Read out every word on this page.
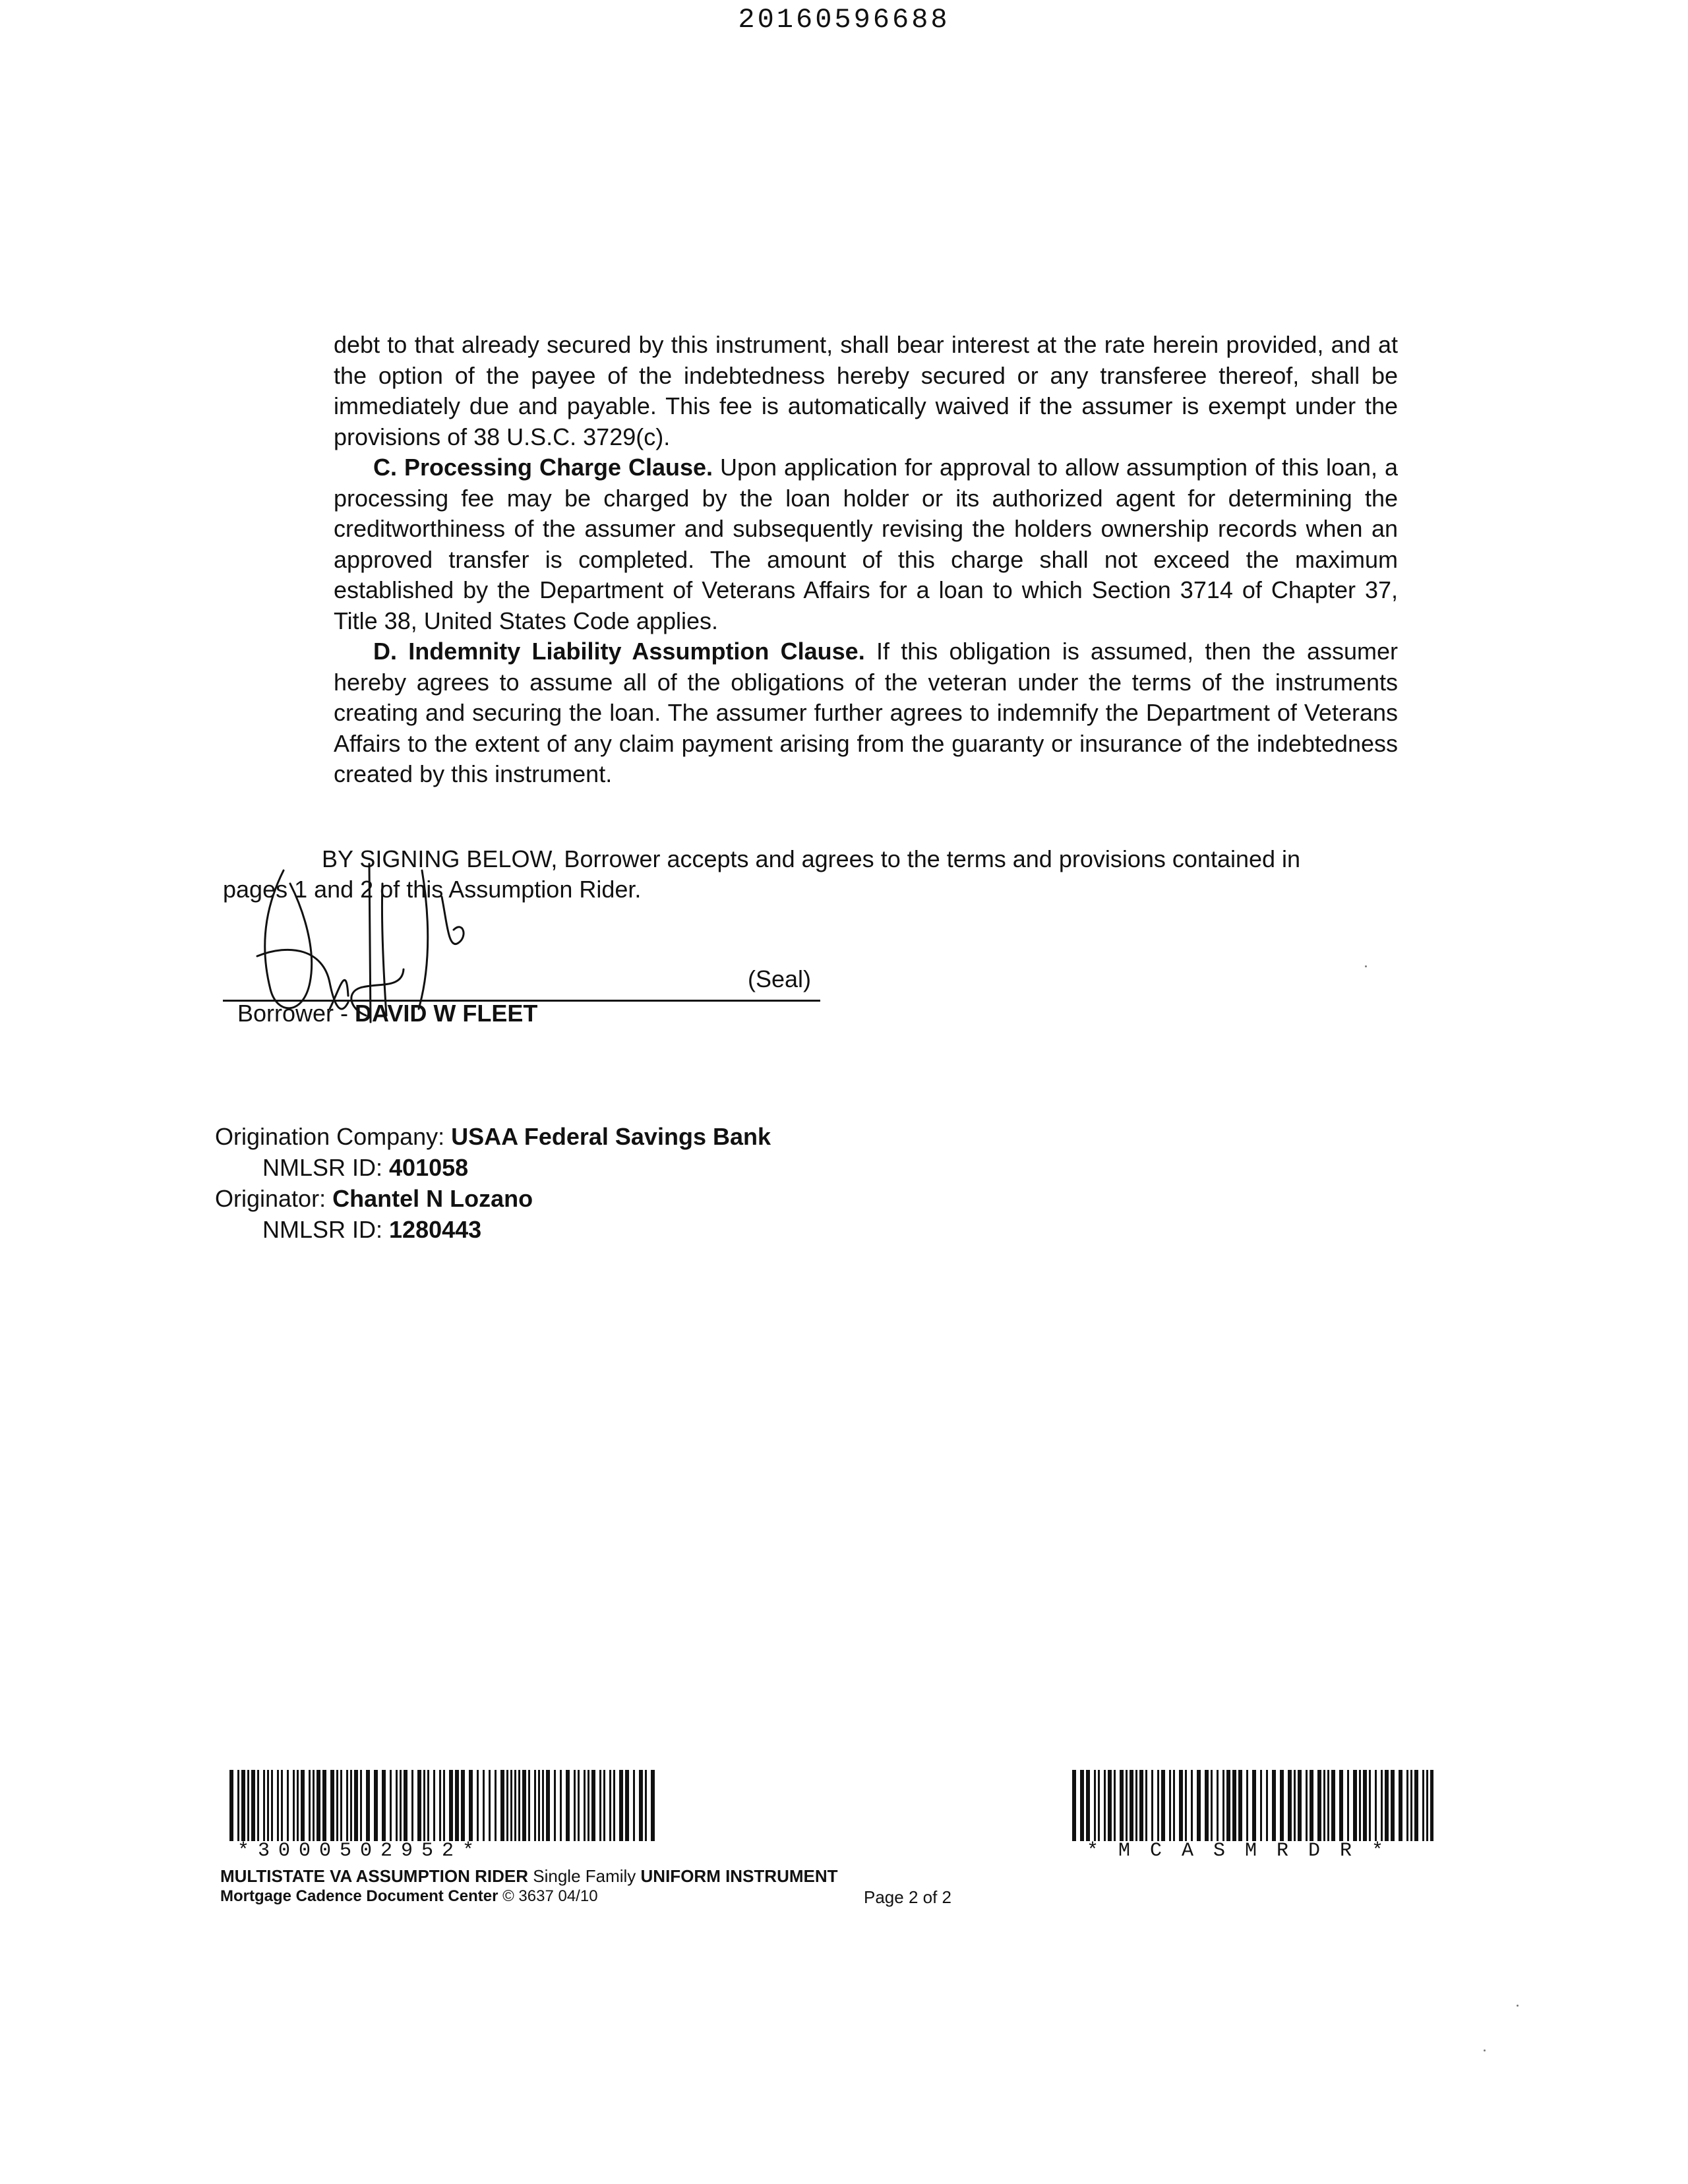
20160596688

debt to that already secured by this instrument, shall bear interest at the rate herein provided, and at the option of the payee of the indebtedness hereby secured or any transferee thereof, shall be immediately due and payable. This fee is automatically waived if the assumer is exempt under the provisions of 38 U.S.C. 3729(c).

C. Processing Charge Clause. Upon application for approval to allow assumption of this loan, a processing fee may be charged by the loan holder or its authorized agent for determining the creditworthiness of the assumer and subsequently revising the holders ownership records when an approved transfer is completed. The amount of this charge shall not exceed the maximum established by the Department of Veterans Affairs for a loan to which Section 3714 of Chapter 37, Title 38, United States Code applies.

D. Indemnity Liability Assumption Clause. If this obligation is assumed, then the assumer hereby agrees to assume all of the obligations of the veteran under the terms of the instruments creating and securing the loan. The assumer further agrees to indemnify the Department of Veterans Affairs to the extent of any claim payment arising from the guaranty or insurance of the indebtedness created by this instrument.

BY SIGNING BELOW, Borrower accepts and agrees to the terms and provisions contained in
pages 1 and 2 of this Assumption Rider.
(Seal)
Borrower - DAVID W FLEET
Origination Company: USAA Federal Savings Bank
NMLSR ID: 401058
Originator: Chantel N Lozano
NMLSR ID: 1280443
*3000502952*	*MCASMRDR*
MULTISTATE VA ASSUMPTION RIDER Single Family UNIFORM INSTRUMENT
Mortgage Cadence Document Center © 3637 04/10	Page 2 of 2
